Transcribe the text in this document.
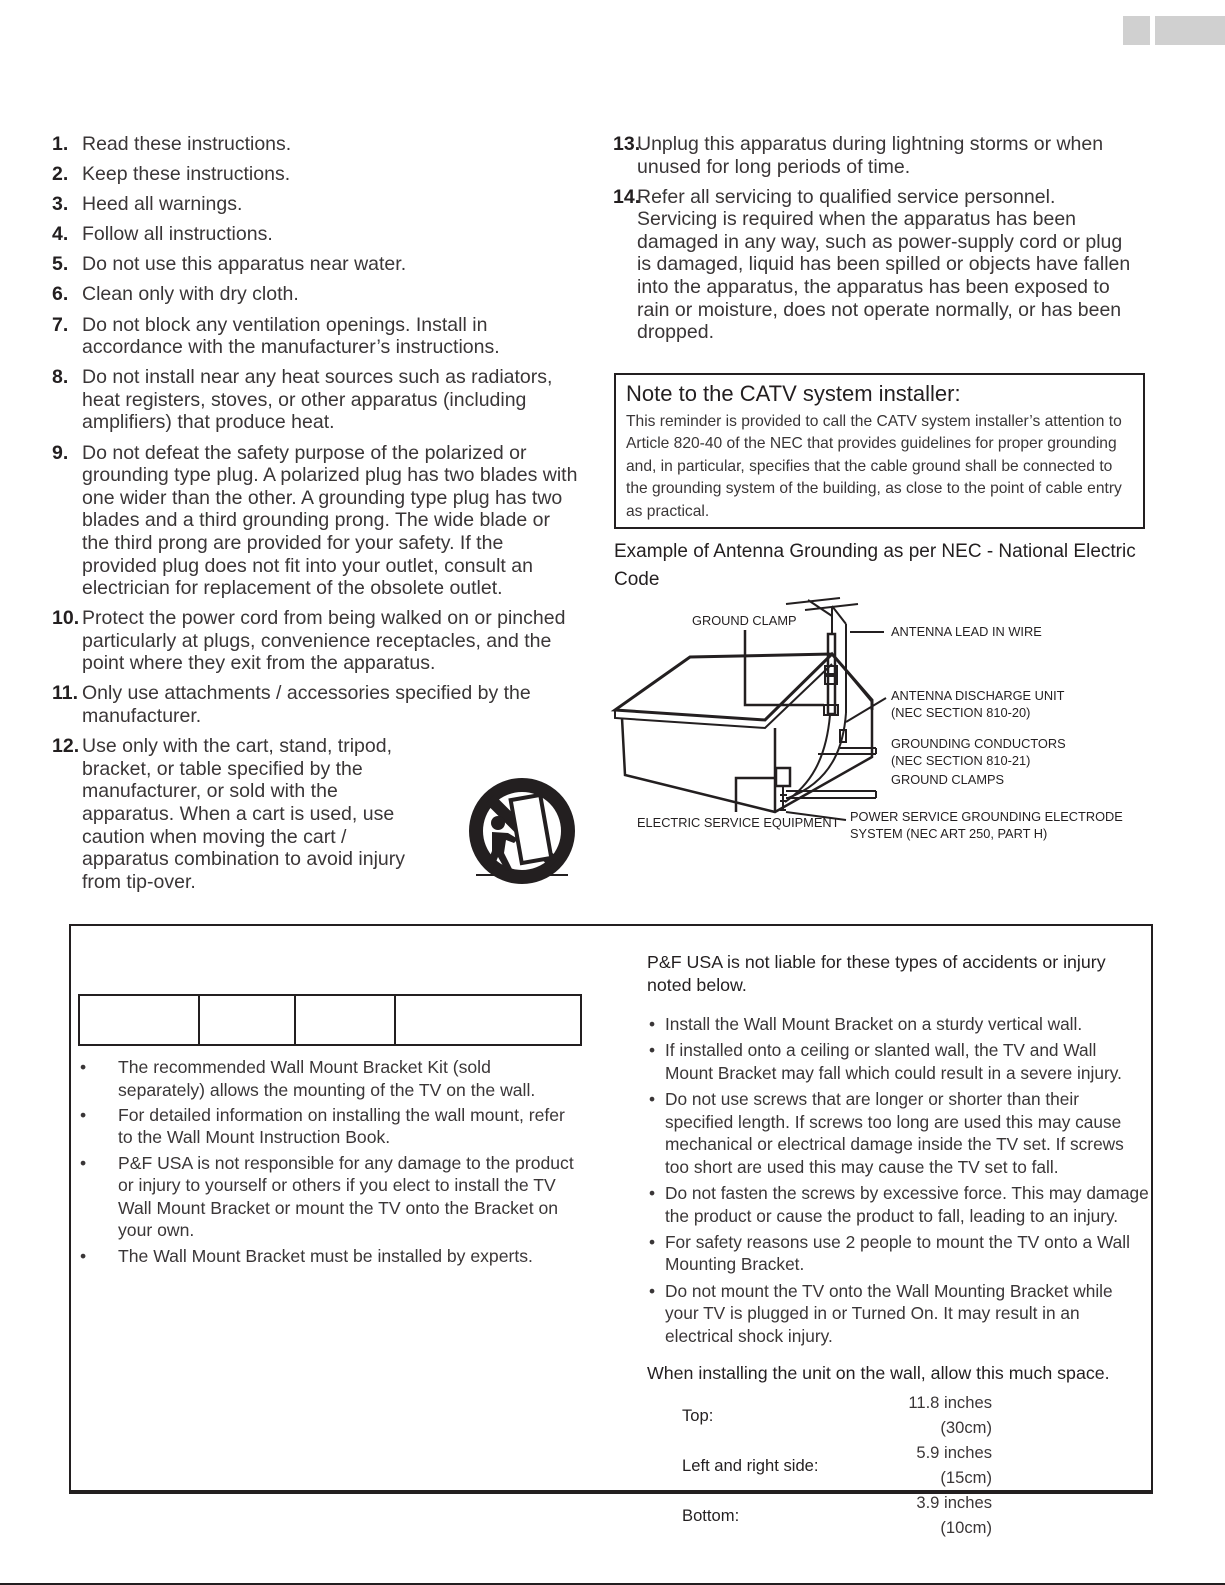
1. Read these instructions.
2. Keep these instructions.
3. Heed all warnings.
4. Follow all instructions.
5. Do not use this apparatus near water.
6. Clean only with dry cloth.
7. Do not block any ventilation openings. Install in accordance with the manufacturer’s instructions.
8. Do not install near any heat sources such as radiators, heat registers, stoves, or other apparatus (including amplifiers) that produce heat.
9. Do not defeat the safety purpose of the polarized or grounding type plug. A polarized plug has two blades with one wider than the other. A grounding type plug has two blades and a third grounding prong. The wide blade or the third prong are provided for your safety. If the provided plug does not fit into your outlet, consult an electrician for replacement of the obsolete outlet.
10. Protect the power cord from being walked on or pinched particularly at plugs, convenience receptacles, and the point where they exit from the apparatus.
11. Only use attachments / accessories specified by the manufacturer.
12. Use only with the cart, stand, tripod, bracket, or table specified by the manufacturer, or sold with the apparatus. When a cart is used, use caution when moving the cart / apparatus combination to avoid injury from tip-over.
13.
Unplug this apparatus during lightning storms or when unused for long periods of time.
14.
Refer all servicing to qualified service personnel. Servicing is required when the apparatus has been damaged in any way, such as power-supply cord or plug is damaged, liquid has been spilled or objects have fallen into the apparatus, the apparatus has been exposed to rain or moisture, does not operate normally, or has been dropped.
Note to the CATV system installer:
This reminder is provided to call the CATV system installer’s attention to Article 820-40 of the NEC that provides guidelines for proper grounding and, in particular, specifies that the cable ground shall be connected to the grounding system of the building, as close to the point of cable entry as practical.
Example of Antenna Grounding as per NEC - National Electric Code
GROUND CLAMP
ANTENNA LEAD IN WIRE
ANTENNA DISCHARGE UNIT
(NEC SECTION 810-20)
GROUNDING CONDUCTORS
(NEC SECTION 810-21)
GROUND CLAMPS
ELECTRIC SERVICE EQUIPMENT POWER SERVICE GROUNDING ELECTRODE
SYSTEM (NEC ART 250, PART H)

• The recommended Wall Mount Bracket Kit (sold separately) allows the mounting of the TV on the wall.
• For detailed information on installing the wall mount, refer to the Wall Mount Instruction Book.
• P&F USA is not responsible for any damage to the product or injury to yourself or others if you elect to install the TV Wall Mount Bracket or mount the TV onto the Bracket on your own.
• The Wall Mount Bracket must be installed by experts.
P&F USA is not liable for these types of accidents or injury noted below.
• Install the Wall Mount Bracket on a sturdy vertical wall.
• If installed onto a ceiling or slanted wall, the TV and Wall Mount Bracket may fall which could result in a severe injury.
• Do not use screws that are longer or shorter than their specified length. If screws too long are used this may cause mechanical or electrical damage inside the TV set. If screws too short are used this may cause the TV set to fall.
• Do not fasten the screws by excessive force. This may damage the product or cause the product to fall, leading to an injury.
• For safety reasons use 2 people to mount the TV onto a Wall Mounting Bracket.
• Do not mount the TV onto the Wall Mounting Bracket while your TV is plugged in or Turned On. It may result in an electrical shock injury.
When installing the unit on the wall, allow this much space.
Top:	11.8 inches (30cm)
Left and right side:	5.9 inches (15cm)
Bottom:	3.9 inches (10cm)
